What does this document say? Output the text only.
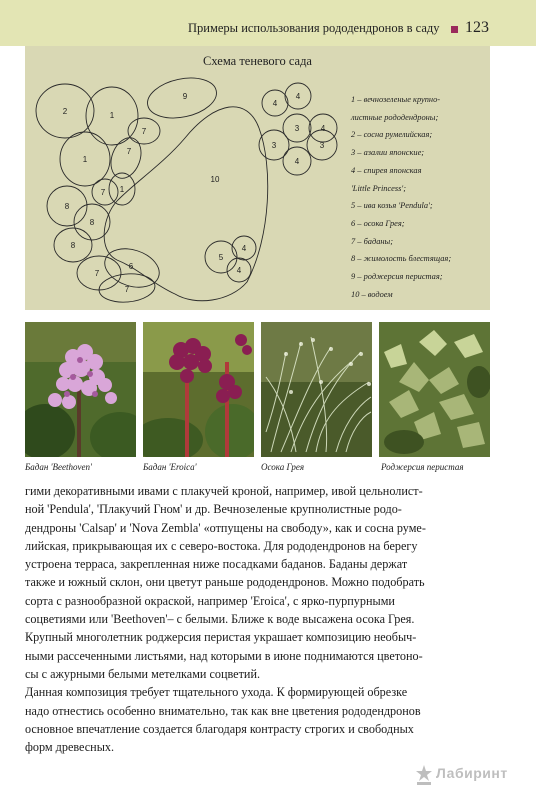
Примеры использования рододендронов в саду 123
2	1
9
7
1
7
1
7
8
8
8
10
6
7
7
4
4
3
3
4
3
4
5
4
4
Схема теневого сада
1 – вечнозеленые крупно-
листные рододендроны;
2 – сосна румелийская;
3 – азалии японские;
4 – спирея японская
'Little Princess';
5 – ива козья 'Pendula';
6 – осока Грея;
7 – баданы;
8 – жимолость блестящая;
9 – роджерсия перистая;
10 – водоем
Бадан 'Beethoven'	Бадан 'Eroica'	Осока Грея	Роджерсия перистая
гими декоративными ивами с плакучей кроной, например, ивой цельнолист-
ной 'Pendula', 'Плакучий Гном' и др. Вечнозеленые крупнолистные родо-
дендроны 'Calsap' и 'Nova Zembla' «отпущены на свободу», как и сосна руме-
лийская, прикрывающая их с северо-востока. Для рододендронов на берегу
устроена терраса, закрепленная ниже посадками баданов. Баданы держат
также и южный склон, они цветут раньше рододендронов. Можно подобрать
сорта с разнообразной окраской, например 'Eroica', с ярко-пурпурными
соцветиями или 'Beethoven'– с белыми. Ближе к воде высажена осока Грея.
Крупный многолетник роджерсия перистая украшает композицию необыч-
ными рассеченными листьями, над которыми в июне поднимаются цветоно-
сы с ажурными белыми метелками соцветий.
Данная композиция требует тщательного ухода. К формирующей обрезке
надо отнестись особенно внимательно, так как вне цветения рододендронов
основное впечатление создается благодаря контрасту строгих и свободных
форм древесных.
Лабиринт
